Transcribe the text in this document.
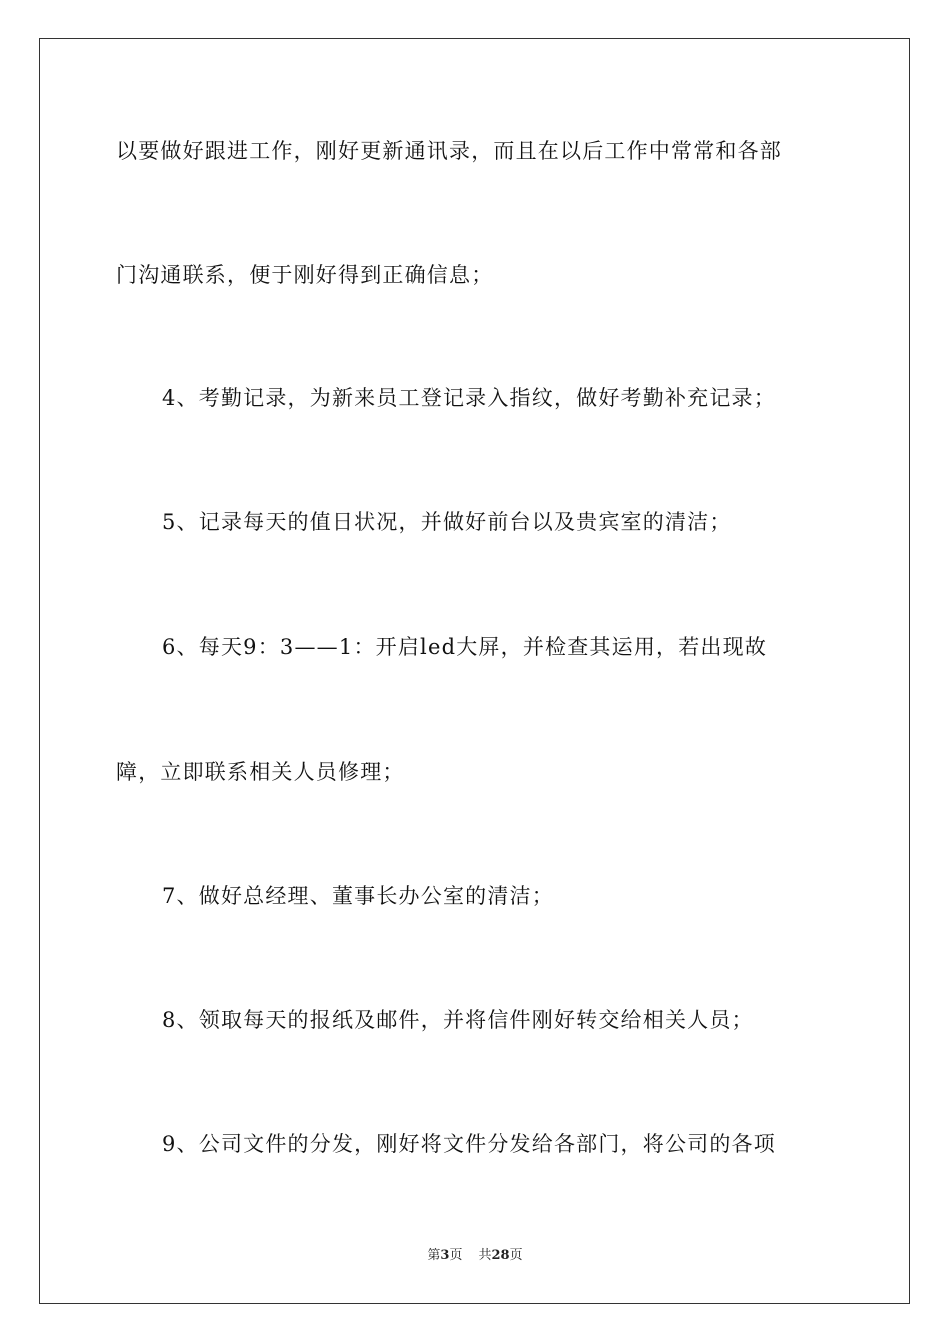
以要做好跟进工作，刚好更新通讯录，而且在以后工作中常常和各部
门沟通联系，便于刚好得到正确信息；
4、考勤记录，为新来员工登记录入指纹，做好考勤补充记录；
5、记录每天的值日状况，并做好前台以及贵宾室的清洁；
6、每天9：3——1：开启led大屏，并检查其运用，若出现故
障，立即联系相关人员修理；
7、做好总经理、董事长办公室的清洁；
8、领取每天的报纸及邮件，并将信件刚好转交给相关人员；
9、公司文件的分发，刚好将文件分发给各部门，将公司的各项
第3页 共28页
